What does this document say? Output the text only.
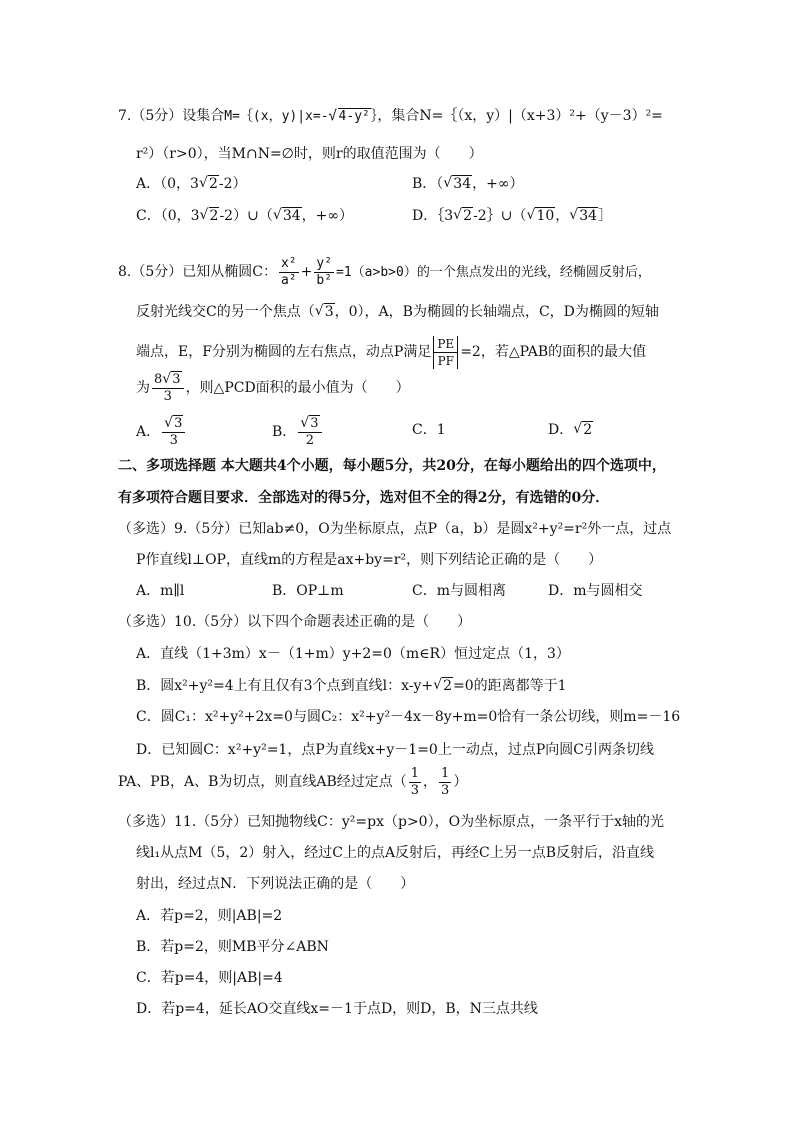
7.（5分）设集合M=｛(x，y)|x=- √ 4-y²｝，集合N=｛（x，y）|（x+3）²+（y－3）²=
r²）（r>0），当M∩N=∅时，则r的取值范围为（　　）
A．（0，3 √ 2-2）	B．（ √ 34，+∞）
C．（0，3 √ 2-2）∪（ √ 34，+∞）	D．｛3 √ 2-2｝∪（ √ 10， √ 34］
8.（5分）已知从椭圆C： $\frac{\text{x²}}{\text{a²}} + \frac{\text{y²}}{\text{b²}} =1(a>b>0)$的一个焦点发出的光线，经椭圆反射后，
反射光线交C的另一个焦点（ √ 3，0），A，B为椭圆的长轴端点，C，D为椭圆的短轴
端点，E，F分别为椭圆的左右焦点，动点P满足 $\frac{PE}{PF} =2$，若△PAB的面积的最大值
为 $\frac{8 √ 3}{3}$ ，则△PCD面积的最小值为（　　）
A． √ $\frac{3}{3}$	B． √ $\frac{3}{2}$	C．1	D． √ 2
二、多项选择题 本大题共4个小题，每小题5分，共20分，在每小题给出的四个选项中，
有多项符合题目要求．全部选对的得5分，选对但不全的得2分，有选错的0分．
（多选）9.（5分）已知ab≠0，O为坐标原点，点P（a，b）是圆x²+y²=r²外一点，过点
P作直线l⊥OP，直线m的方程是ax+by=r²，则下列结论正确的是（　　）
A．m∥l	B．OP⊥m	C．m与圆相离	D．m与圆相交
（多选）10.（5分）以下四个命题表述正确的是（　　）
A．直线（1+3m）x－（1+m）y+2=0（m∈R）恒过定点（1，3）
B．圆x²+y²=4上有且仅有3个点到直线l：x-y+ √ 2=0的距离都等于1
C．圆C₁：x²+y²+2x=0与圆C₂：x²+y²－4x－8y+m=0恰有一条公切线，则m=－16
D．已知圆C：x²+y²=1，点P为直线x+y－1=0上一动点，过点P向圆C引两条切线
PA、PB，A、B为切点，则直线AB经过定点（ $\frac{1}{3}$ ， $\frac{1}{3}$ ）
（多选）11.（5分）已知抛物线C：y²=px（p>0），O为坐标原点，一条平行于x轴的光
线l₁从点M（5，2）射入，经过C上的点A反射后，再经C上另一点B反射后，沿直线
射出，经过点N．下列说法正确的是（　　）
A．若p=2，则|AB|=2
B．若p=2，则MB平分∠ABN
C．若p=4，则|AB|=4
D．若p=4，延长AO交直线x=－1于点D，则D，B，N三点共线
